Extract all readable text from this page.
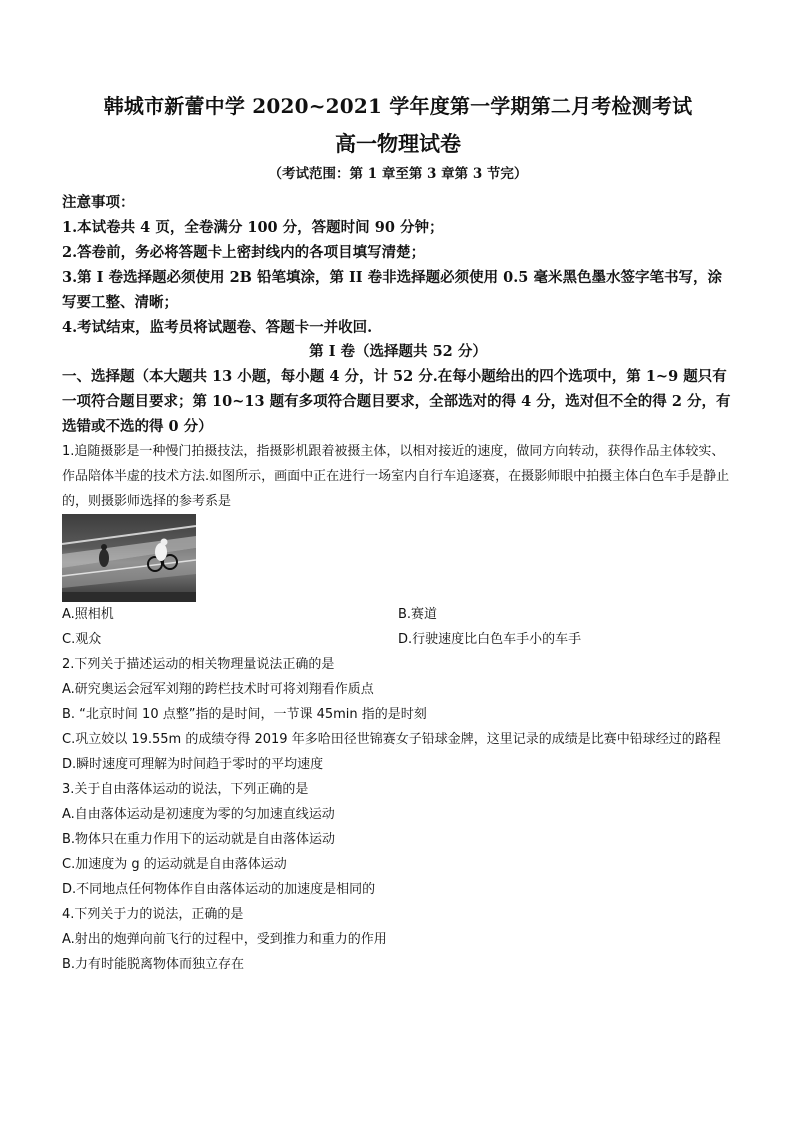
韩城市新蕾中学 2020~2021 学年度第一学期第二月考检测考试
高一物理试卷
（考试范围：第 1 章至第 3 章第 3 节完）
注意事项：
1.本试卷共 4 页，全卷满分 100 分，答题时间 90 分钟；
2.答卷前，务必将答题卡上密封线内的各项目填写清楚；
3.第 I 卷选择题必须使用 2B 铅笔填涂，第 II 卷非选择题必须使用 0.5 毫米黑色墨水签字笔书写，涂写要工整、清晰；
4.考试结束，监考员将试题卷、答题卡一并收回.
第 I 卷（选择题共 52 分）
一、选择题（本大题共 13 小题，每小题 4 分，计 52 分.在每小题给出的四个选项中，第 1~9 题只有一项符合题目要求；第 10~13 题有多项符合题目要求，全部选对的得 4 分，选对但不全的得 2 分，有选错或不选的得 0 分）
1.追随摄影是一种慢门拍摄技法，指摄影机跟着被摄主体，以相对接近的速度，做同方向转动，获得作品主体较实、作品陪体半虚的技术方法.如图所示，画面中正在进行一场室内自行车追逐赛，在摄影师眼中拍摄主体白色车手是静止的，则摄影师选择的参考系是
A.照相机	B.赛道
C.观众	D.行驶速度比白色车手小的车手
2.下列关于描述运动的相关物理量说法正确的是
A.研究奥运会冠军刘翔的跨栏技术时可将刘翔看作质点
B. “北京时间 10 点整”指的是时间，一节课 45min 指的是时刻
C.巩立姣以 19.55m 的成绩夺得 2019 年多哈田径世锦赛女子铅球金牌，这里记录的成绩是比赛中铅球经过的路程
D.瞬时速度可理解为时间趋于零时的平均速度
3.关于自由落体运动的说法，下列正确的是
A.自由落体运动是初速度为零的匀加速直线运动
B.物体只在重力作用下的运动就是自由落体运动
C.加速度为 g 的运动就是自由落体运动
D.不同地点任何物体作自由落体运动的加速度是相同的
4.下列关于力的说法，正确的是
A.射出的炮弹向前飞行的过程中，受到推力和重力的作用
B.力有时能脱离物体而独立存在
